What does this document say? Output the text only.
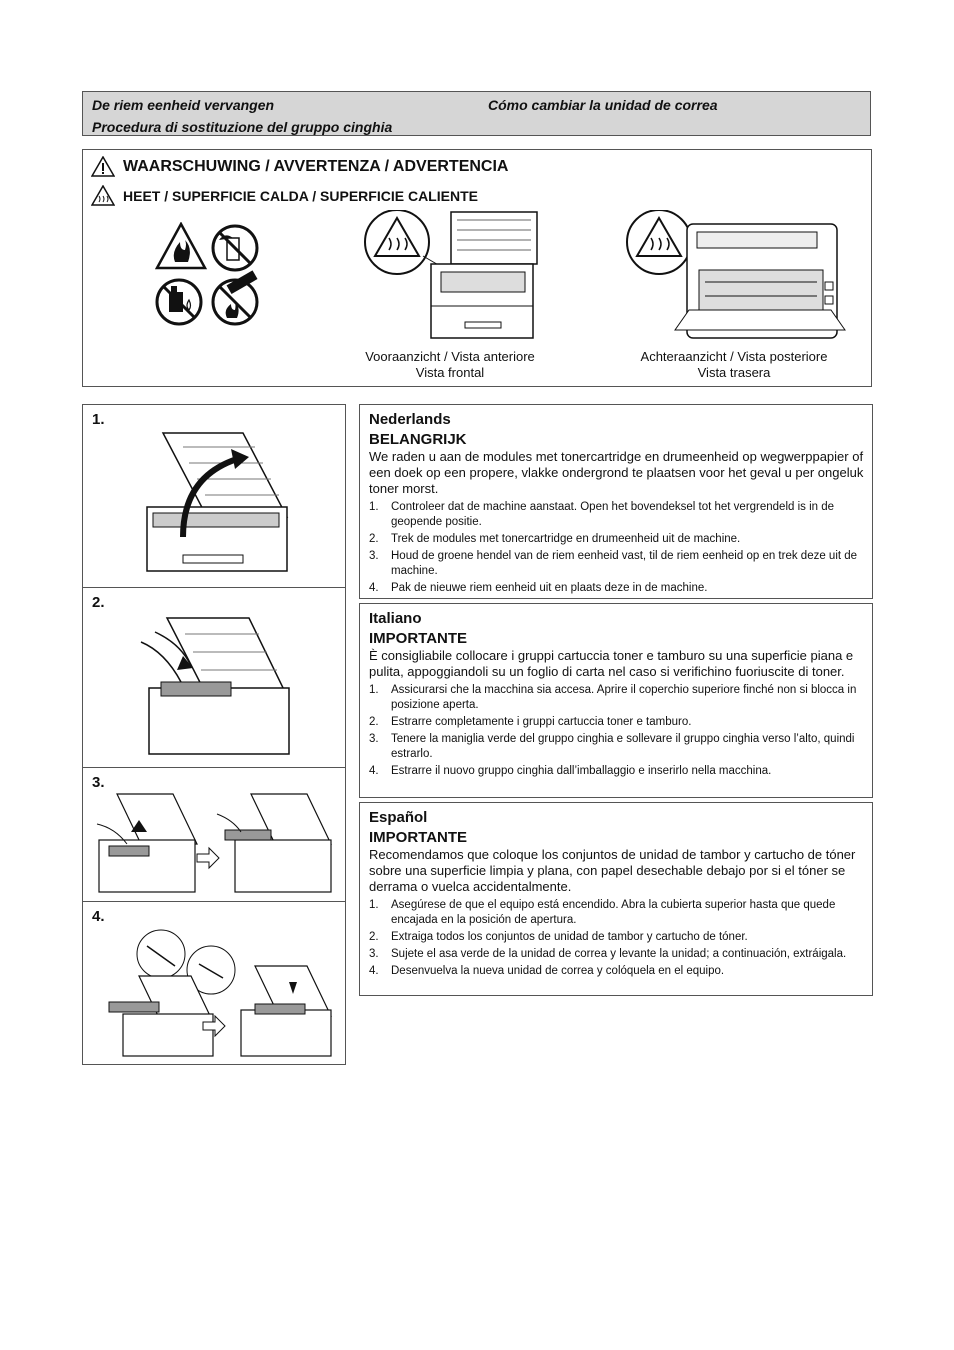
De riem eenheid vervangen	Cómo cambiar la unidad de correa
Procedura di sostituzione del gruppo cinghia
WAARSCHUWING / AVVERTENZA / ADVERTENCIA
HEET / SUPERFICIE CALDA / SUPERFICIE CALIENTE
Vooraanzicht / Vista anteriore
Vista frontal
Achteraanzicht / Vista posteriore
Vista trasera
1.
2.
3.
4.
Nederlands
BELANGRIJK

We raden u aan de modules met tonercartridge en drumeenheid op wegwerppapier of een doek op een propere, vlakke ondergrond te plaatsen voor het geval u per ongeluk toner morst.

1. Controleer dat de machine aanstaat. Open het bovendeksel tot het vergrendeld is in de geopende positie.
2. Trek de modules met tonercartridge en drumeenheid uit de machine.
3. Houd de groene hendel van de riem eenheid vast, til de riem eenheid op en trek deze uit de machine.
4. Pak de nieuwe riem eenheid uit en plaats deze in de machine.
Italiano
IMPORTANTE

È consigliabile collocare i gruppi cartuccia toner e tamburo su una superficie piana e pulita, appoggiandoli su un foglio di carta nel caso si verifichino fuoriuscite di toner.

1. Assicurarsi che la macchina sia accesa. Aprire il coperchio superiore finché non si blocca in posizione aperta.
2. Estrarre completamente i gruppi cartuccia toner e tamburo.
3. Tenere la maniglia verde del gruppo cinghia e sollevare il gruppo cinghia verso l’alto, quindi estrarlo.
4. Estrarre il nuovo gruppo cinghia dall’imballaggio e inserirlo nella macchina.
Español
IMPORTANTE

Recomendamos que coloque los conjuntos de unidad de tambor y cartucho de tóner sobre una superficie limpia y plana, con papel desechable debajo por si el tóner se derrama o vuelca accidentalmente.

1. Asegúrese de que el equipo está encendido. Abra la cubierta superior hasta que quede encajada en la posición de apertura.
2. Extraiga todos los conjuntos de unidad de tambor y cartucho de tóner.
3. Sujete el asa verde de la unidad de correa y levante la unidad; a continuación, extráigala.
4. Desenvuelva la nueva unidad de correa y colóquela en el equipo.
